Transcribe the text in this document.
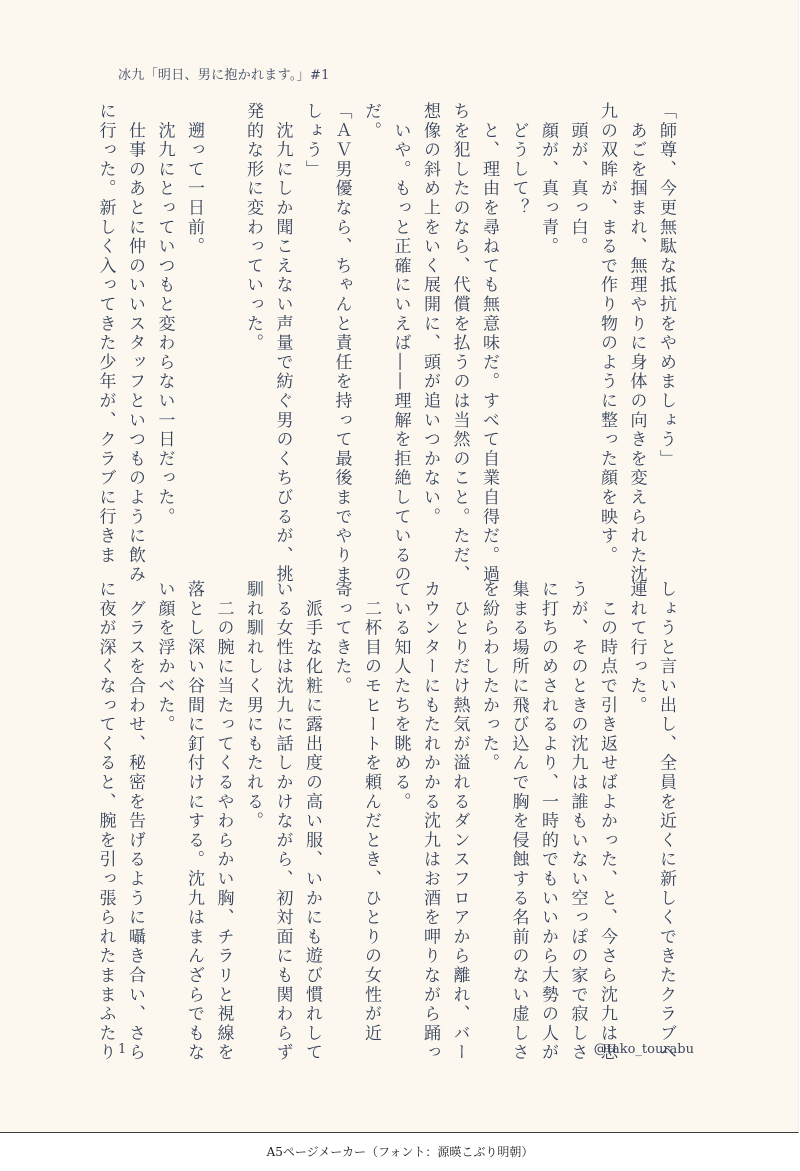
冰九「明日、男に抱かれます。」#1
「師尊、今更無駄な抵抗をやめましょう」
　あごを掴まれ、無理やりに身体の向きを変えられた沈
九の双眸が、まるで作り物のように整った顔を映す。
　頭が、真っ白。
　顔が、真っ青。
　どうして？
　と、理由を尋ねても無意味だ。すべて自業自得だ。過
ちを犯したのなら、代償を払うのは当然のこと。ただ、
想像の斜め上をいく展開に、頭が追いつかない。
　いや。もっと正確にいえば――理解を拒絶しているの
だ。
「ＡＶ男優なら、ちゃんと責任を持って最後までやりま
しょう」
　沈九にしか聞こえない声量で紡ぐ男のくちびるが、挑
発的な形に変わっていった。
　遡って一日前。
　沈九にとっていつもと変わらない一日だった。
　仕事のあとに仲のいいスタッフといつものように飲み
に行った。新しく入ってきた少年が、クラブに行きま
しょうと言い出し、全員を近くに新しくできたクラブへ
連れて行った。
　この時点で引き返せばよかった、と、今さら沈九は思
うが、そのときの沈九は誰もいない空っぽの家で寂しさ
に打ちのめされるより、一時的でもいいから大勢の人が
集まる場所に飛び込んで胸を侵蝕する名前のない虚しさ
を紛らわしたかった。
　ひとりだけ熱気が溢れるダンスフロアから離れ、バー
カウンターにもたれかかる沈九はお酒を呷りながら踊っ
ている知人たちを眺める。
　二杯目のモヒートを頼んだとき、ひとりの女性が近
寄ってきた。
　派手な化粧に露出度の高い服、いかにも遊び慣れして
いる女性は沈九に話しかけながら、初対面にも関わらず
馴れ馴れしく男にもたれる。
　二の腕に当たってくるやわらかい胸、チラリと視線を
落とし深い谷間に釘付けにする。沈九はまんざらでもな
い顔を浮かべた。
　グラスを合わせ、秘密を告げるように囁き合い、さら
に夜が深くなってくると、腕を引っ張られたままふたり 1	@tako_tourabu
A5ページメーカー（フォント：源暎こぶり明朝）
